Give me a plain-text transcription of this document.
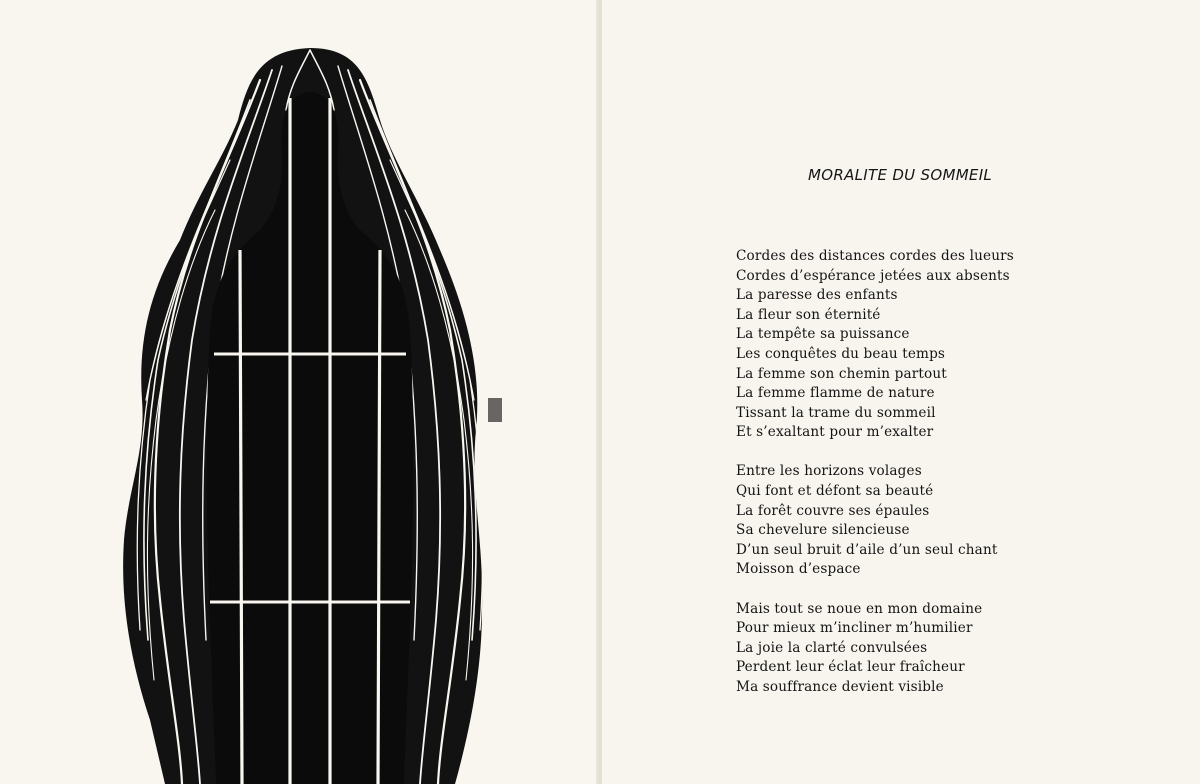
MORALITE DU SOMMEIL
Cordes des distances cordes des lueurs
Cordes d’espérance jetées aux absents
La paresse des enfants
La fleur son éternité
La tempête sa puissance
Les conquêtes du beau temps
La femme son chemin partout
La femme flamme de nature
Tissant la trame du sommeil
Et s’exaltant pour m’exalter
Entre les horizons volages
Qui font et défont sa beauté
La forêt couvre ses épaules
Sa chevelure silencieuse
D’un seul bruit d’aile d’un seul chant
Moisson d’espace
Mais tout se noue en mon domaine
Pour mieux m’incliner m’humilier
La joie la clarté convulsées
Perdent leur éclat leur fraîcheur
Ma souffrance devient visible
